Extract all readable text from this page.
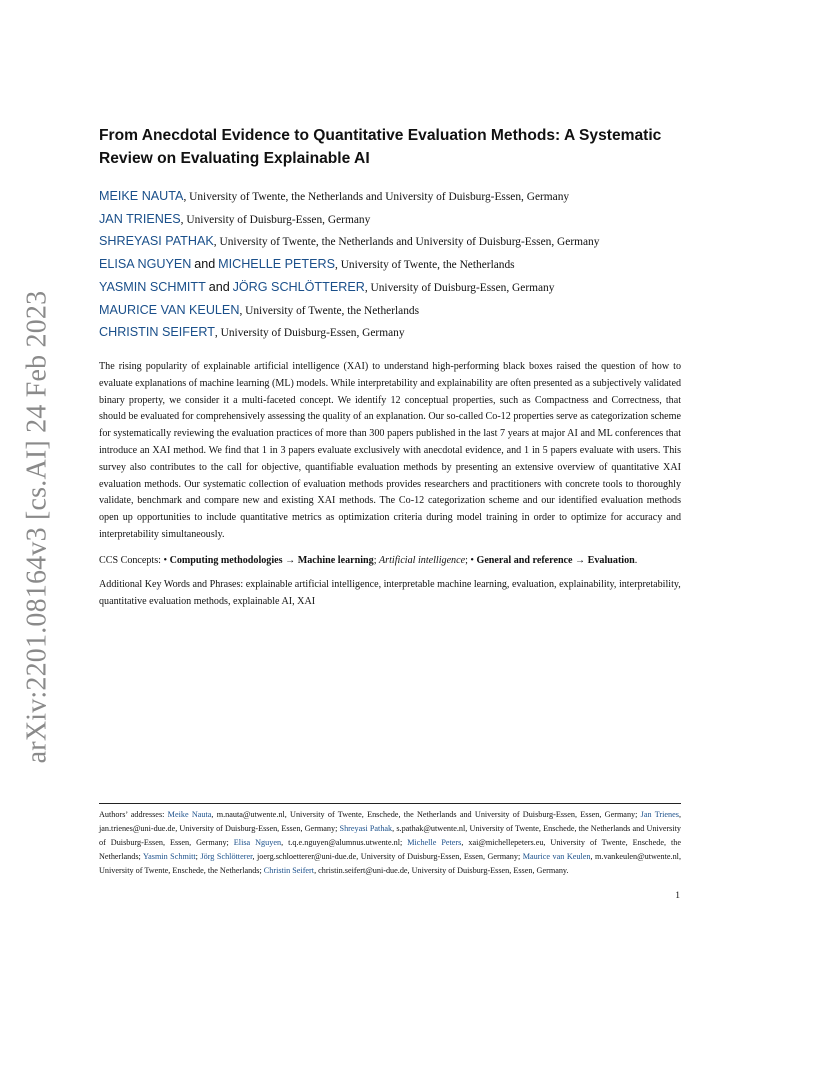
arXiv:2201.08164v3 [cs.AI] 24 Feb 2023
From Anecdotal Evidence to Quantitative Evaluation Methods: A Systematic Review on Evaluating Explainable AI
MEIKE NAUTA, University of Twente, the Netherlands and University of Duisburg-Essen, Germany
JAN TRIENES, University of Duisburg-Essen, Germany
SHREYASI PATHAK, University of Twente, the Netherlands and University of Duisburg-Essen, Germany
ELISA NGUYEN and MICHELLE PETERS, University of Twente, the Netherlands
YASMIN SCHMITT and JÖRG SCHLÖTTERER, University of Duisburg-Essen, Germany
MAURICE VAN KEULEN, University of Twente, the Netherlands
CHRISTIN SEIFERT, University of Duisburg-Essen, Germany

The rising popularity of explainable artificial intelligence (XAI) to understand high-performing black boxes raised the question of how to evaluate explanations of machine learning (ML) models. While interpretability and explainability are often presented as a subjectively validated binary property, we consider it a multi-faceted concept. We identify 12 conceptual properties, such as Compactness and Correctness, that should be evaluated for comprehensively assessing the quality of an explanation. Our so-called Co-12 properties serve as categorization scheme for systematically reviewing the evaluation practices of more than 300 papers published in the last 7 years at major AI and ML conferences that introduce an XAI method. We find that 1 in 3 papers evaluate exclusively with anecdotal evidence, and 1 in 5 papers evaluate with users. This survey also contributes to the call for objective, quantifiable evaluation methods by presenting an extensive overview of quantitative XAI evaluation methods. Our systematic collection of evaluation methods provides researchers and practitioners with concrete tools to thoroughly validate, benchmark and compare new and existing XAI methods. The Co-12 categorization scheme and our identified evaluation methods open up opportunities to include quantitative metrics as optimization criteria during model training in order to optimize for accuracy and interpretability simultaneously.

CCS Concepts: • Computing methodologies → Machine learning; Artificial intelligence; • General and reference → Evaluation.

Additional Key Words and Phrases: explainable artificial intelligence, interpretable machine learning, evaluation, explainability, interpretability, quantitative evaluation methods, explainable AI, XAI

Authors’ addresses: Meike Nauta, m.nauta@utwente.nl, University of Twente, Enschede, the Netherlands and University of Duisburg-Essen, Essen, Germany; Jan Trienes, jan.trienes@uni-due.de, University of Duisburg-Essen, Essen, Germany; Shreyasi Pathak, s.pathak@utwente.nl, University of Twente, Enschede, the Netherlands and University of Duisburg-Essen, Essen, Germany; Elisa Nguyen, t.q.e.nguyen@alumnus.utwente.nl; Michelle Peters, xai@michellepeters.eu, University of Twente, Enschede, the Netherlands; Yasmin Schmitt; Jörg Schlötterer, joerg.schloetterer@uni-due.de, University of Duisburg-Essen, Essen, Germany; Maurice van Keulen, m.vankeulen@utwente.nl, University of Twente, Enschede, the Netherlands; Christin Seifert, christin.seifert@uni-due.de, University of Duisburg-Essen, Essen, Germany.
1
